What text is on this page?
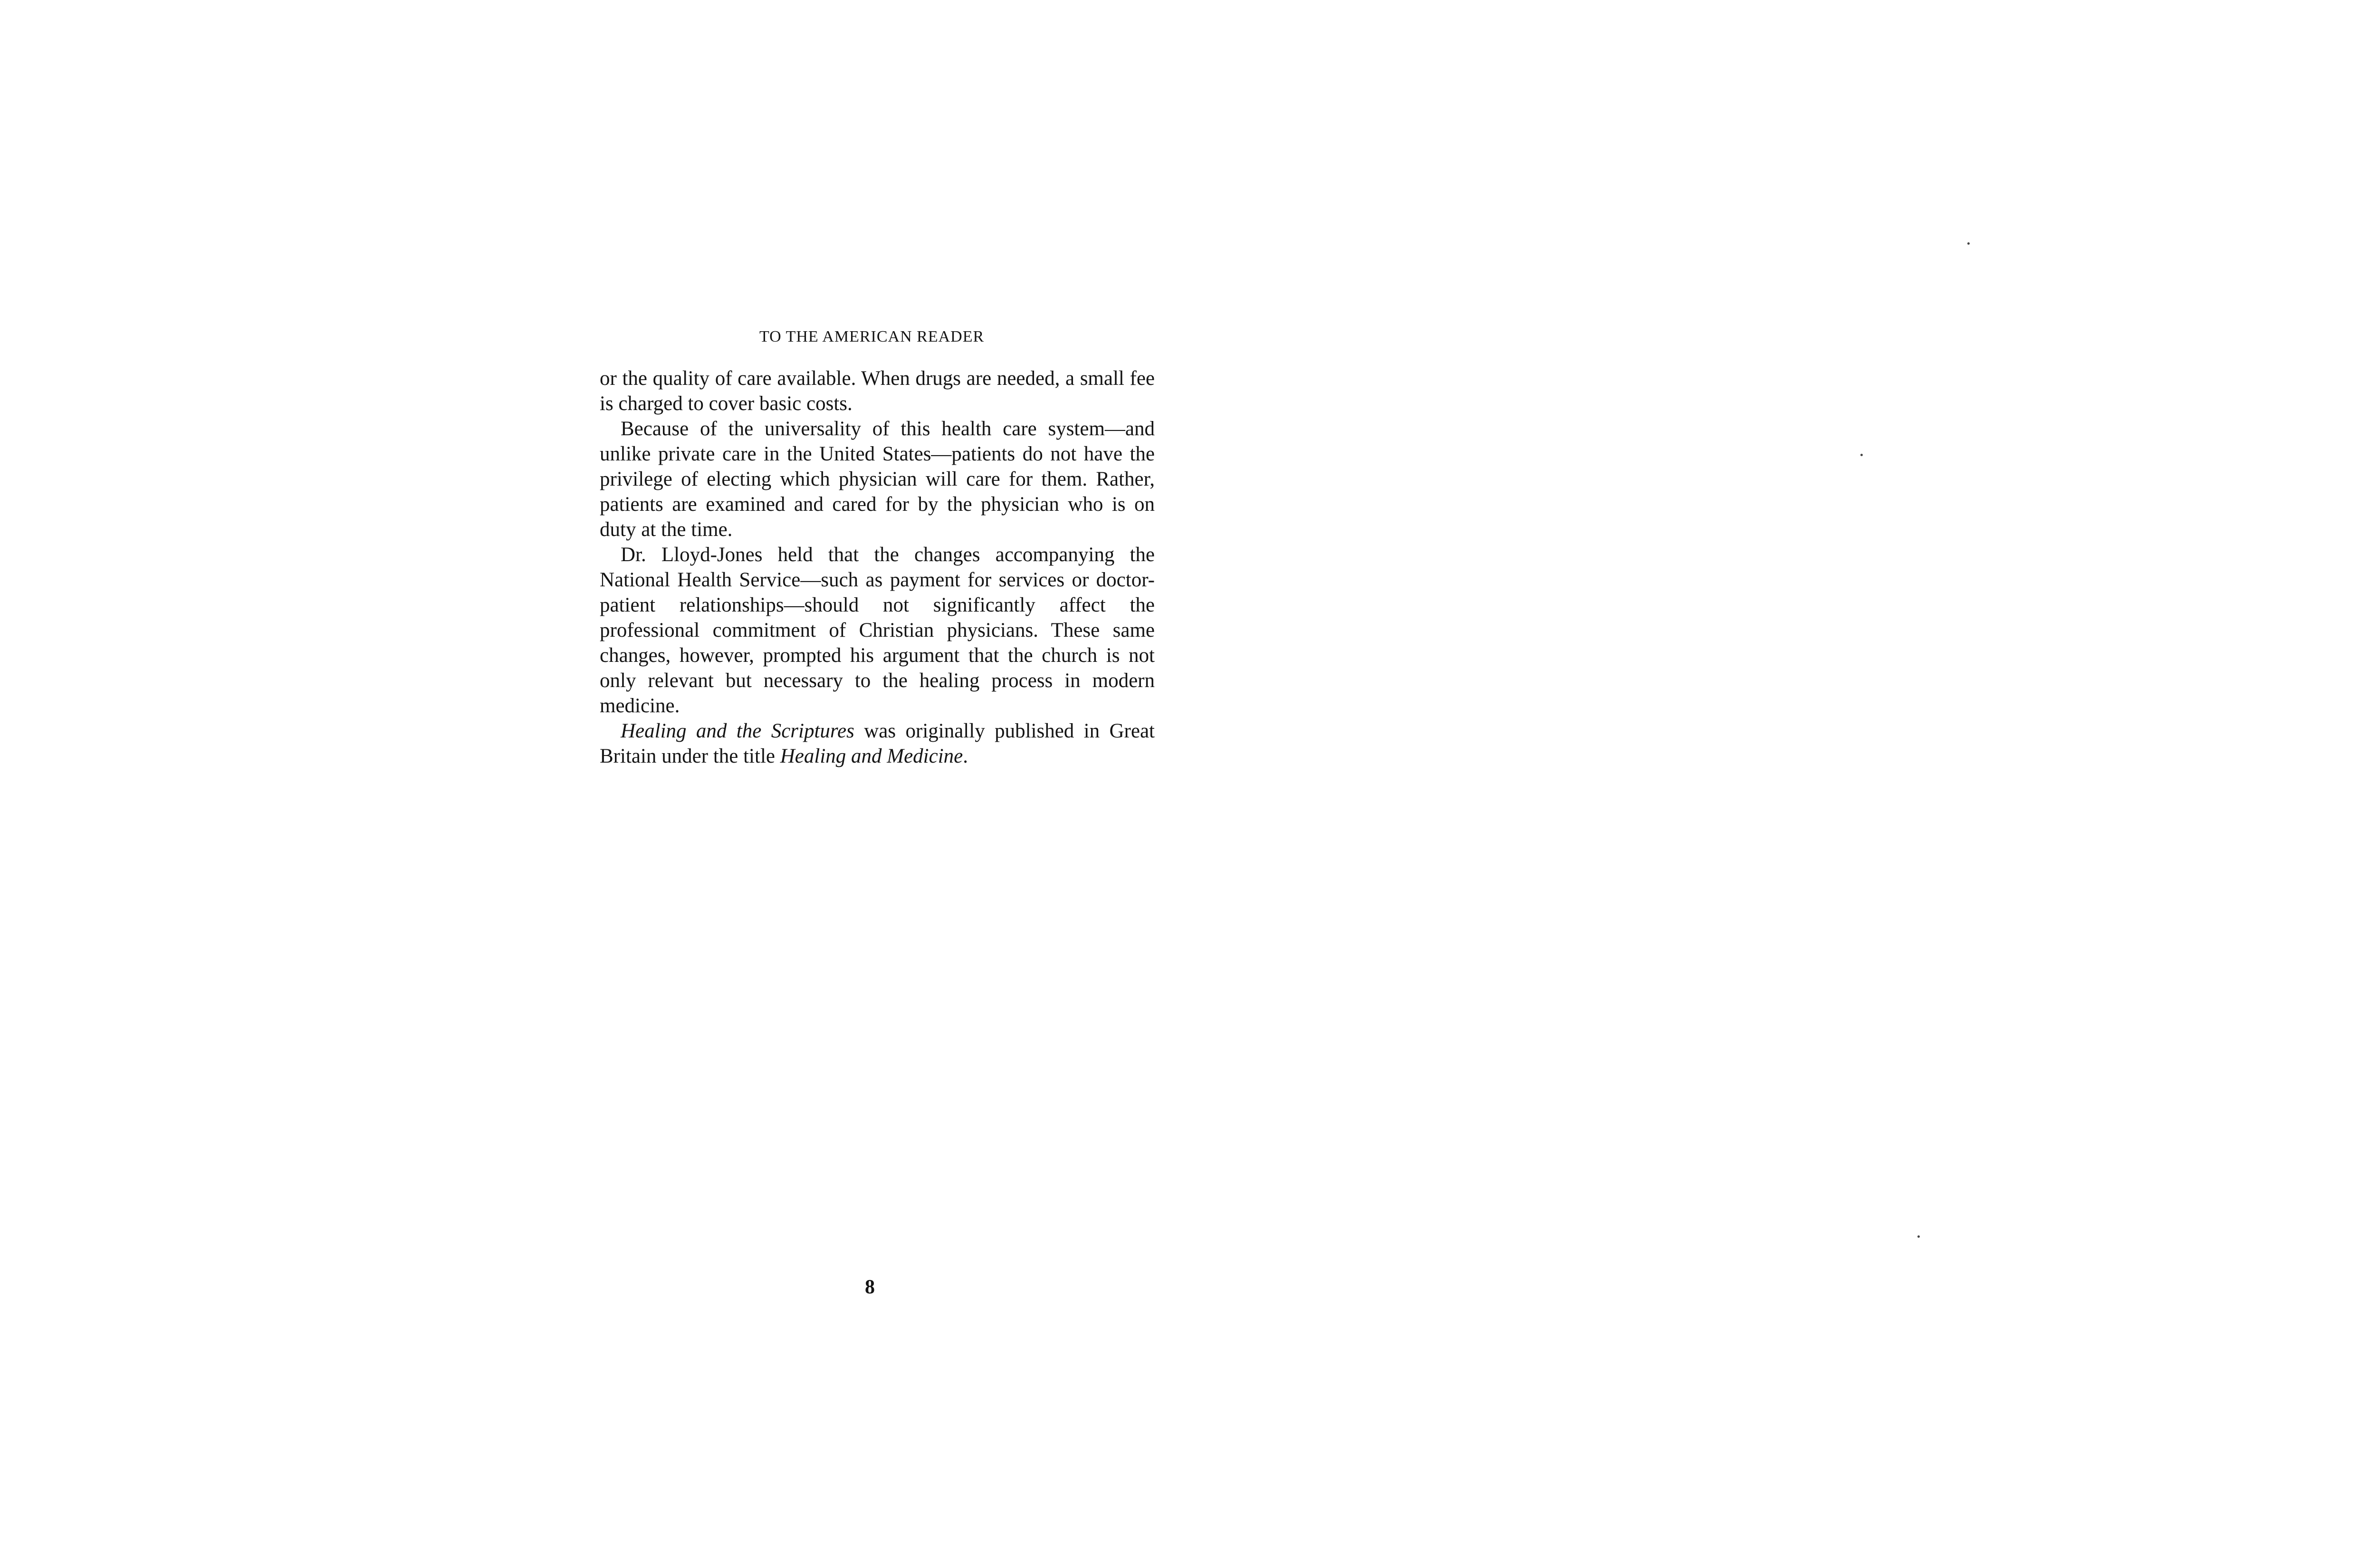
TO THE AMERICAN READER

or the quality of care available. When drugs are needed, a small fee is charged to cover basic costs.

Because of the universality of this health care system—and unlike private care in the United States—patients do not have the privilege of electing which physician will care for them. Rather, patients are examined and cared for by the physician who is on duty at the time.

Dr. Lloyd-Jones held that the changes accompanying the National Health Service—such as payment for services or doctor-patient relationships—should not significantly affect the professional commitment of Christian physicians. These same changes, however, prompted his argument that the church is not only relevant but necessary to the healing process in modern medicine.

Healing and the Scriptures was originally published in Great Britain under the title Healing and Medicine.

8
